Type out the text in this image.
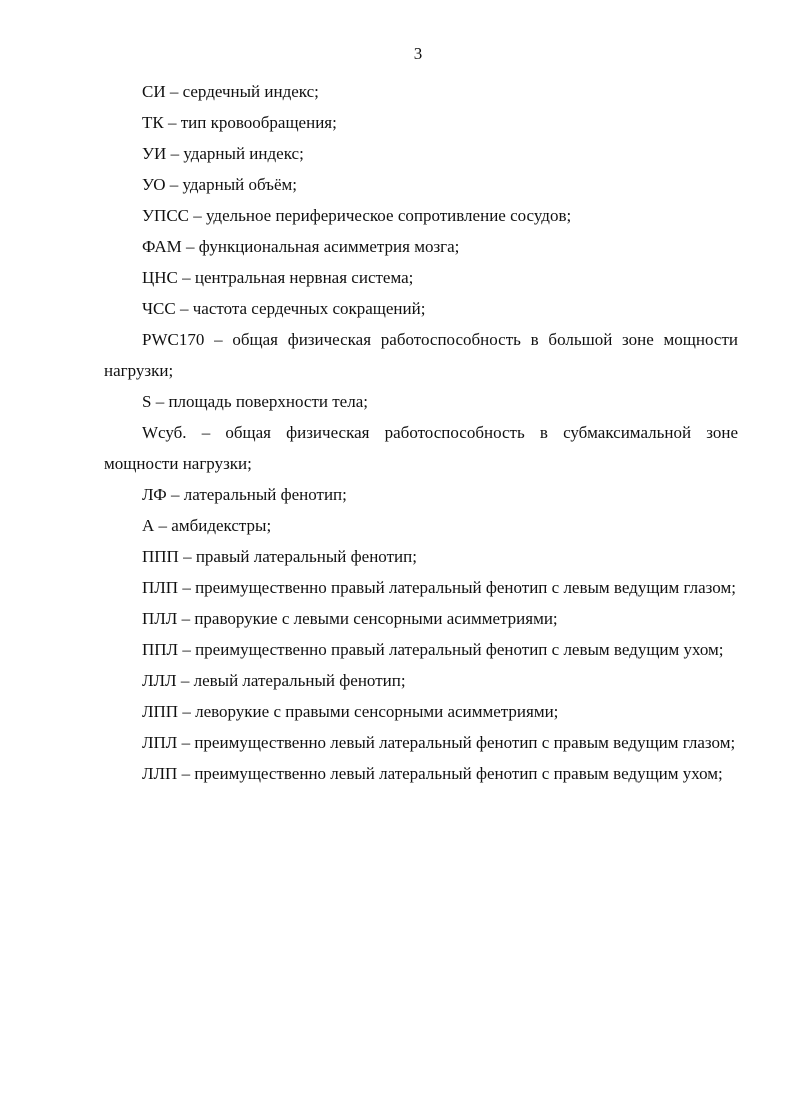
3

СИ – сердечный индекс;

ТК – тип кровообращения;

УИ – ударный индекс;

УО – ударный объём;

УПСС – удельное периферическое сопротивление сосудов;

ФАМ – функциональная асимметрия мозга;

ЦНС – центральная нервная система;

ЧСС – частота сердечных сокращений;

PWC170 – общая физическая работоспособность в большой зоне мощности нагрузки;

S – площадь поверхности тела;

Wсуб. – общая физическая работоспособность в субмаксимальной зоне мощности нагрузки;

ЛФ – латеральный фенотип;

А – амбидекстры;

ППП – правый латеральный фенотип;

ПЛП – преимущественно правый латеральный фенотип с левым ведущим глазом;

ПЛЛ – праворукие с левыми сенсорными асимметриями;

ППЛ – преимущественно правый латеральный фенотип с левым ведущим ухом;

ЛЛЛ – левый латеральный фенотип;

ЛПП – леворукие с правыми сенсорными асимметриями;

ЛПЛ – преимущественно левый латеральный фенотип с правым ведущим глазом;

ЛЛП – преимущественно левый латеральный фенотип с правым ведущим ухом;
